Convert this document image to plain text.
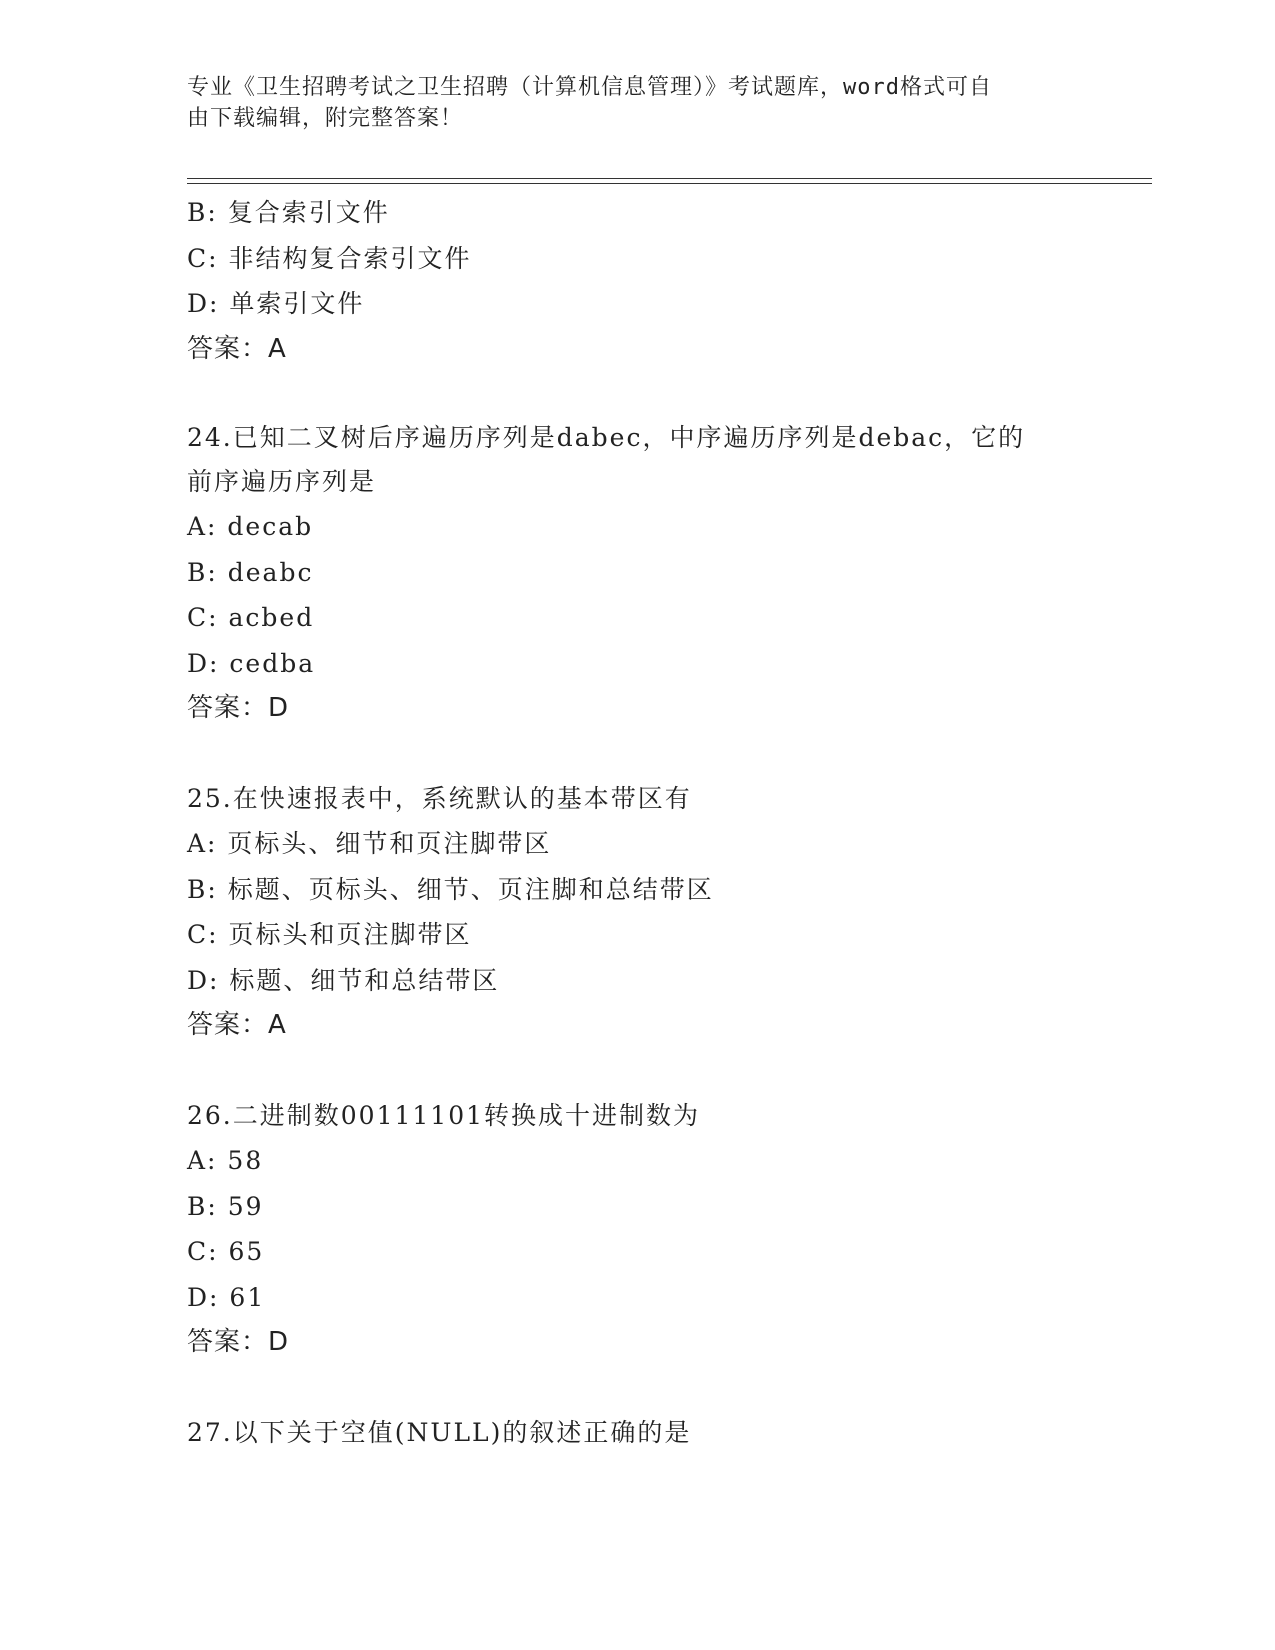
专业《卫生招聘考试之卫生招聘（计算机信息管理）》考试题库，word格式可自
由下载编辑，附完整答案！
B: 复合索引文件
C: 非结构复合索引文件
D: 单索引文件
答案：A
24.已知二叉树后序遍历序列是dabec，中序遍历序列是debac，它的
前序遍历序列是
A: decab
B: deabc
C: acbed
D: cedba
答案：D
25.在快速报表中，系统默认的基本带区有
A: 页标头、细节和页注脚带区
B: 标题、页标头、细节、页注脚和总结带区
C: 页标头和页注脚带区
D: 标题、细节和总结带区
答案：A
26.二进制数00111101转换成十进制数为
A: 58
B: 59
C: 65
D: 61
答案：D
27.以下关于空值(NULL)的叙述正确的是
